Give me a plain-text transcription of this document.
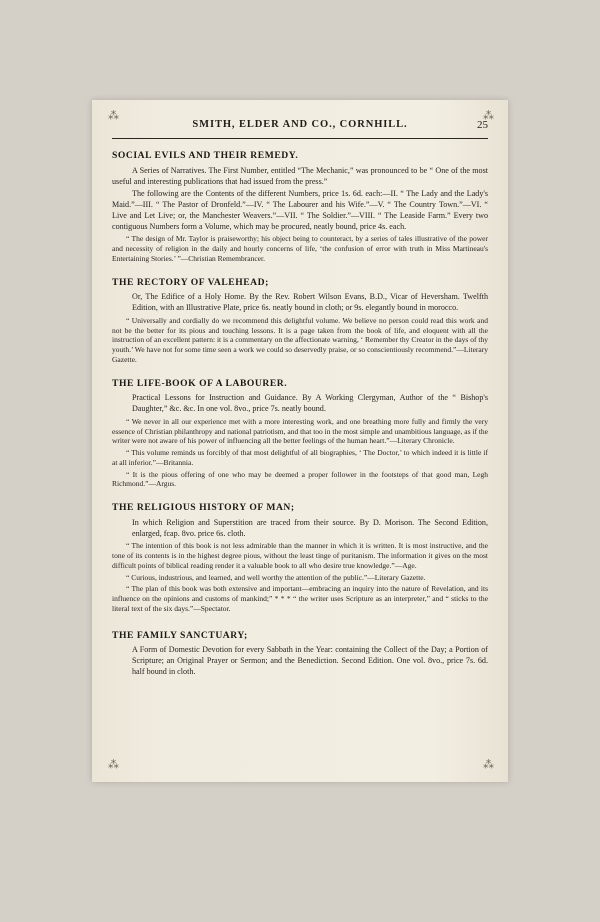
⁂	⁂
⁂	⁂
SMITH, ELDER AND CO., CORNHILL.	25
SOCIAL EVILS AND THEIR REMEDY.

A Series of Narratives. The First Number, entitled “The Mechanic,” was pronounced to be “ One of the most useful and interesting publications that had issued from the press.”

The following are the Contents of the different Numbers, price 1s. 6d. each:—II. “ The Lady and the Lady's Maid.”—III. “ The Pastor of Dronfeld.”—IV. “ The Labourer and his Wife.”—V. “ The Country Town.”—VI. “ Live and Let Live; or, the Manchester Weavers.”—VII. “ The Soldier.”—VIII. “ The Leaside Farm.” Every two contiguous Numbers form a Volume, which may be procured, neatly bound, price 4s. each.

“ The design of Mr. Taylor is praiseworthy; his object being to counteract, by a series of tales illustrative of the power and necessity of religion in the daily and hourly concerns of life, ‘the confusion of error with truth in Miss Martineau's Entertaining Stories.’ ”—Christian Remembrancer.

THE RECTORY OF VALEHEAD;

Or, The Edifice of a Holy Home. By the Rev. Robert Wilson Evans, B.D., Vicar of Heversham. Twelfth Edition, with an Illustrative Plate, price 6s. neatly bound in cloth; or 9s. elegantly bound in morocco.

“ Universally and cordially do we recommend this delightful volume. We believe no person could read this work and not be the better for its pious and touching lessons. It is a page taken from the book of life, and eloquent with all the instruction of an excellent pattern: it is a commentary on the affectionate warning, ‘ Remember thy Creator in the days of thy youth.’ We have not for some time seen a work we could so deservedly praise, or so conscientiously recommend.”—Literary Gazette.

THE LIFE-BOOK OF A LABOURER.

Practical Lessons for Instruction and Guidance. By A Working Clergyman, Author of the “ Bishop's Daughter,” &c. &c. In one vol. 8vo., price 7s. neatly bound.

“ We never in all our experience met with a more interesting work, and one breathing more fully and firmly the very essence of Christian philanthropy and national patriotism, and that too in the most simple and unambitious language, as if the writer were not aware of his power of influencing all the better feelings of the human heart.”—Literary Chronicle.

“ This volume reminds us forcibly of that most delightful of all biographies, ‘ The Doctor,’ to which indeed it is little if at all inferior.”—Britannia.

“ It is the pious offering of one who may be deemed a proper follower in the footsteps of that good man, Legh Richmond.”—Argus.

THE RELIGIOUS HISTORY OF MAN;

In which Religion and Superstition are traced from their source. By D. Morison. The Second Edition, enlarged, fcap. 8vo. price 6s. cloth.

“ The intention of this book is not less admirable than the manner in which it is written. It is most instructive, and the tone of its contents is in the highest degree pious, without the least tinge of puritanism. The information it gives on the most difficult points of biblical reading render it a valuable book to all who desire true knowledge.”—Age.

“ Curious, industrious, and learned, and well worthy the attention of the public.”—Literary Gazette.

“ The plan of this book was both extensive and important—embracing an inquiry into the nature of Revelation, and its influence on the opinions and customs of mankind;” * * * “ the writer uses Scripture as an interpreter,” and “ sticks to the literal text of the six days.”—Spectator.

THE FAMILY SANCTUARY;

A Form of Domestic Devotion for every Sabbath in the Year: containing the Collect of the Day; a Portion of Scripture; an Original Prayer or Sermon; and the Benediction. Second Edition. One vol. 8vo., price 7s. 6d. half bound in cloth.
